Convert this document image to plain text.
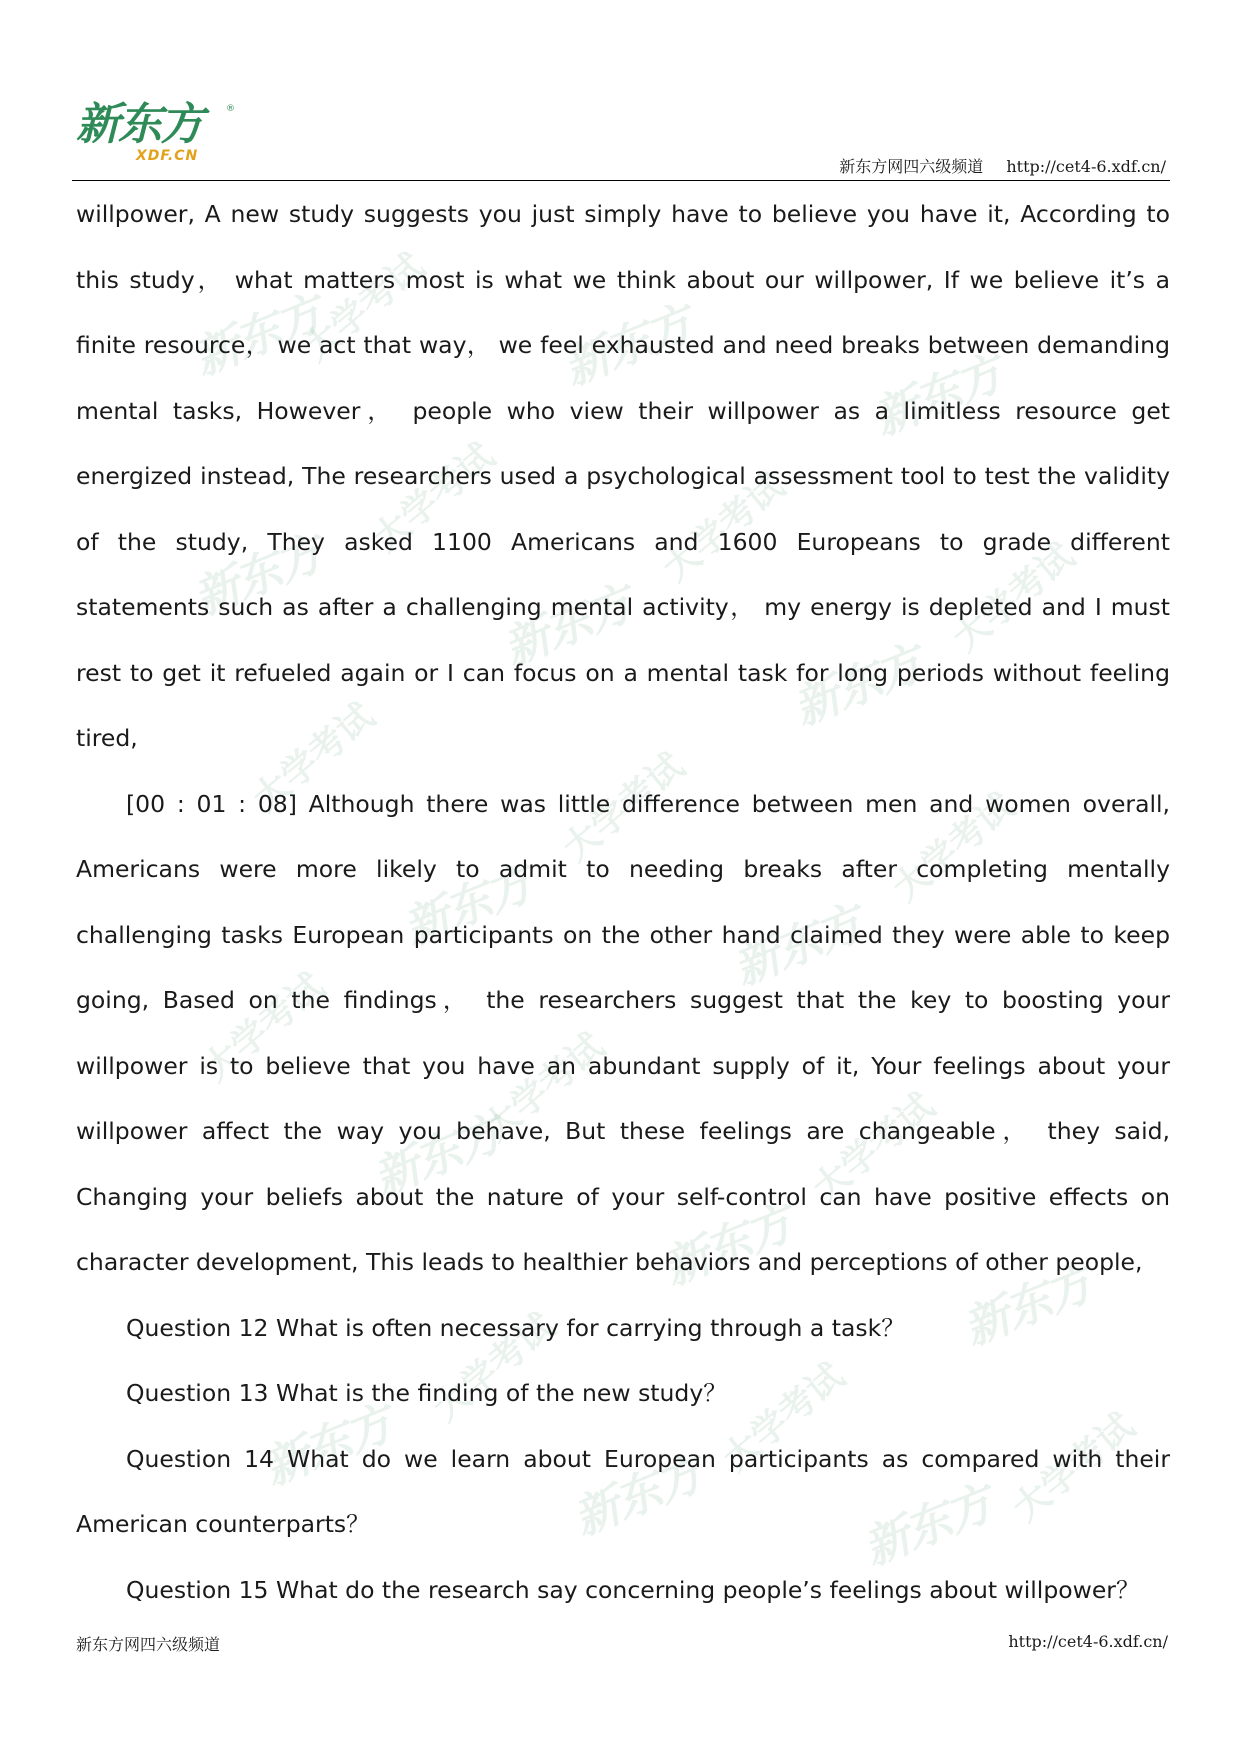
新东方
XDF.CN
®
新东方网四六级频道 http://cet4-6.xdf.cn/
新东方	新东方
新东方
新东方
新东方
新东方
新东方	新东方
新东方
新东方
新东方
新东方
新东方	新东方
大学考试
大学考试	大学考试
大学考试
大学考试	大学考试	大学考试
大学考试	大学考试	大学考试
大学考试	大学考试	大学考试

willpower, A new study suggests you just simply have to believe you have it, According to this study， what matters most is what we think about our willpower, If we believe it’s a finite resource， we act that way， we feel exhausted and need breaks between demanding mental tasks, However， people who view their willpower as a limitless resource get energized instead, The researchers used a psychological assessment tool to test the validity of the study, They asked 1100 Americans and 1600 Europeans to grade different statements such as after a challenging mental activity， my energy is depleted and I must rest to get it refueled again or I can focus on a mental task for long periods without feeling tired,

[00 : 01 : 08] Although there was little difference between men and women overall, Americans were more likely to admit to needing breaks after completing mentally challenging tasks European participants on the other hand claimed they were able to keep going, Based on the findings， the researchers suggest that the key to boosting your willpower is to believe that you have an abundant supply of it, Your feelings about your willpower affect the way you behave, But these feelings are changeable， they said, Changing your beliefs about the nature of your self-control can have positive effects on character development, This leads to healthier behaviors and perceptions of other people,

Question 12 What is often necessary for carrying through a task？

Question 13 What is the finding of the new study？

Question 14 What do we learn about European participants as compared with their American counterparts？

Question 15 What do the research say concerning people’s feelings about willpower？

新东方网四六级频道	http://cet4-6.xdf.cn/
